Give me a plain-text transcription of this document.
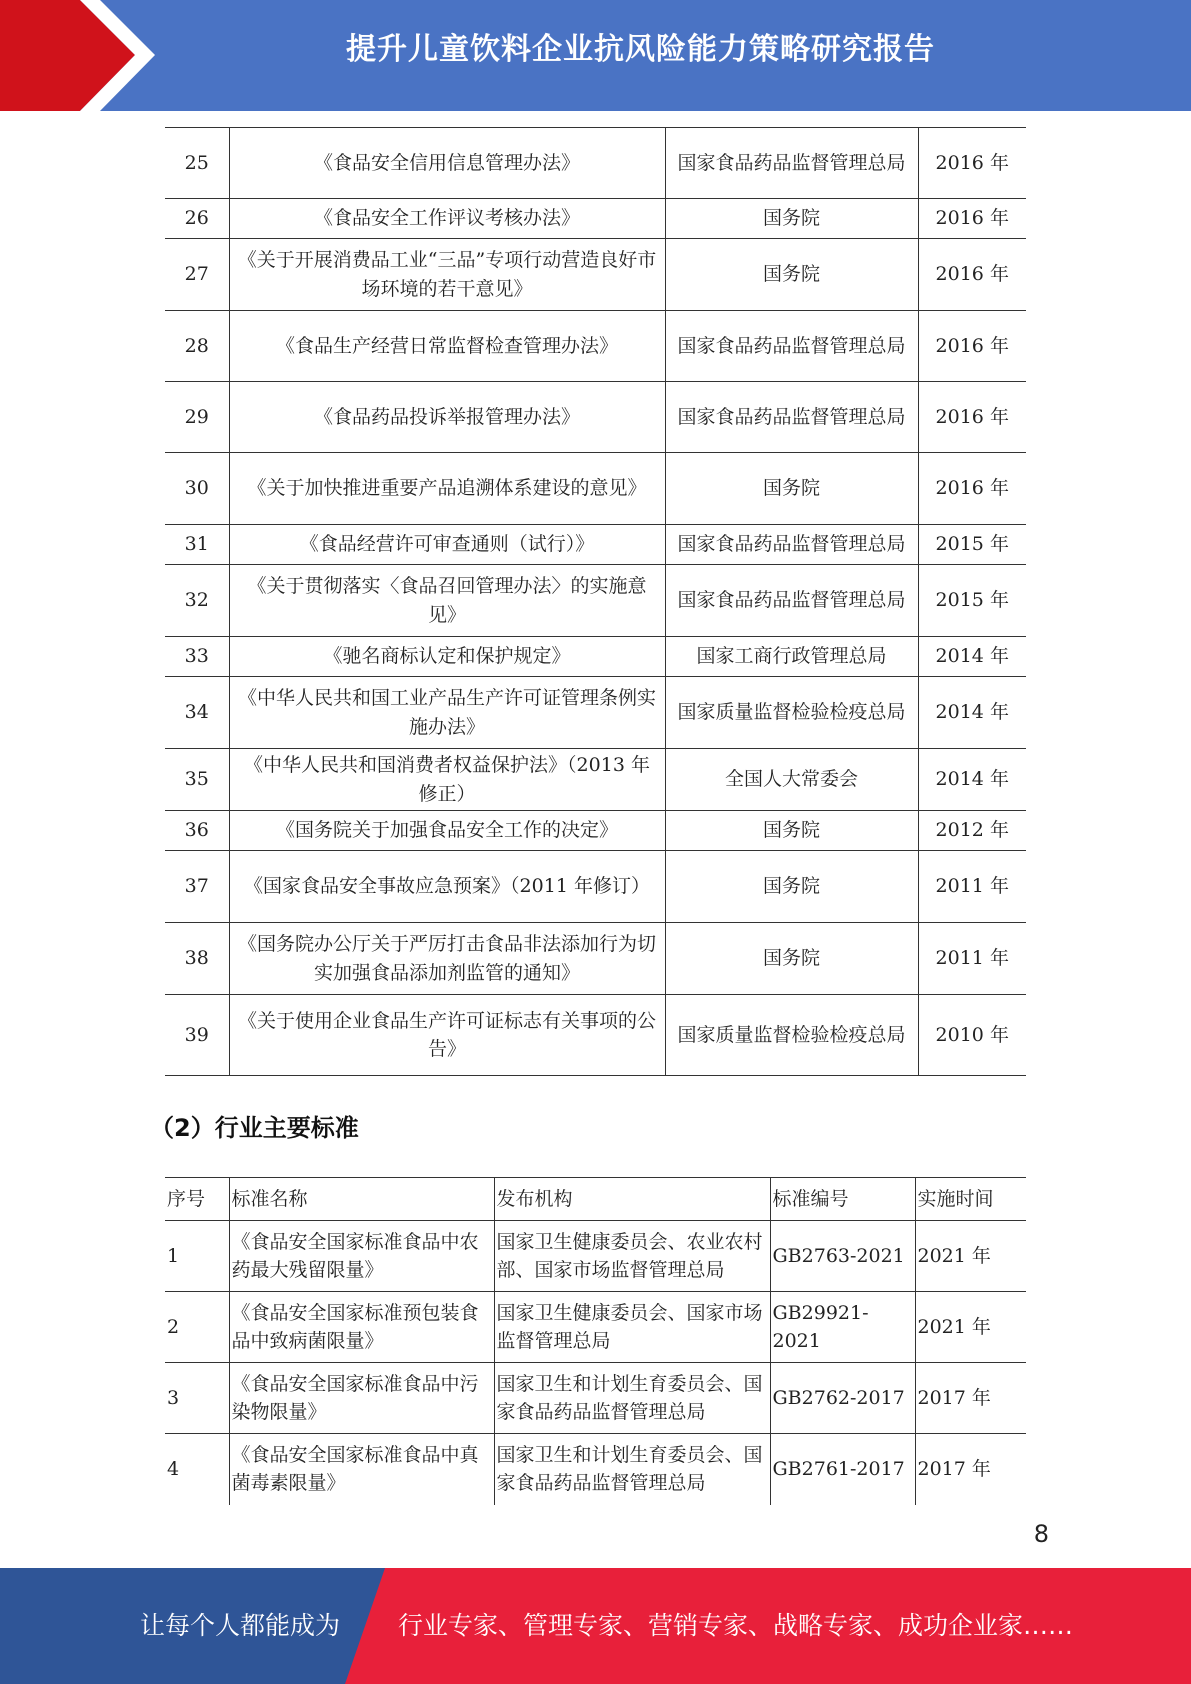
提升儿童饮料企业抗风险能力策略研究报告
25	《食品安全信用信息管理办法》	国家食品药品监督管理总局	2016 年
26	《食品安全工作评议考核办法》	国务院	2016 年
27	《关于开展消费品工业“三品”专项行动营造良好市场环境的若干意见》	国务院	2016 年
28	《食品生产经营日常监督检查管理办法》	国家食品药品监督管理总局	2016 年
29	《食品药品投诉举报管理办法》	国家食品药品监督管理总局	2016 年
30	《关于加快推进重要产品追溯体系建设的意见》	国务院	2016 年
31	《食品经营许可审查通则（试行）》	国家食品药品监督管理总局	2015 年
32	《关于贯彻落实〈食品召回管理办法〉的实施意见》	国家食品药品监督管理总局	2015 年
33	《驰名商标认定和保护规定》	国家工商行政管理总局	2014 年
34	《中华人民共和国工业产品生产许可证管理条例实施办法》	国家质量监督检验检疫总局	2014 年
35	《中华人民共和国消费者权益保护法》（2013 年修正）	全国人大常委会	2014 年
36	《国务院关于加强食品安全工作的决定》	国务院	2012 年
37	《国家食品安全事故应急预案》（2011 年修订）	国务院	2011 年
38	《国务院办公厅关于严厉打击食品非法添加行为切实加强食品添加剂监管的通知》	国务院	2011 年
39	《关于使用企业食品生产许可证标志有关事项的公告》	国家质量监督检验检疫总局	2010 年
（2）行业主要标准
序号	标准名称	发布机构	标准编号	实施时间
1	《食品安全国家标准食品中农药最大残留限量》	国家卫生健康委员会、农业农村部、国家市场监督管理总局	GB2763-2021	2021 年
2	《食品安全国家标准预包装食品中致病菌限量》	国家卫生健康委员会、国家市场监督管理总局	GB29921-2021	2021 年
3	《食品安全国家标准食品中污染物限量》	国家卫生和计划生育委员会、国家食品药品监督管理总局	GB2762-2017	2017 年
4	《食品安全国家标准食品中真菌毒素限量》	国家卫生和计划生育委员会、国家食品药品监督管理总局	GB2761-2017	2017 年
8
让每个人都能成为 行业专家、管理专家、营销专家、战略专家、成功企业家……
